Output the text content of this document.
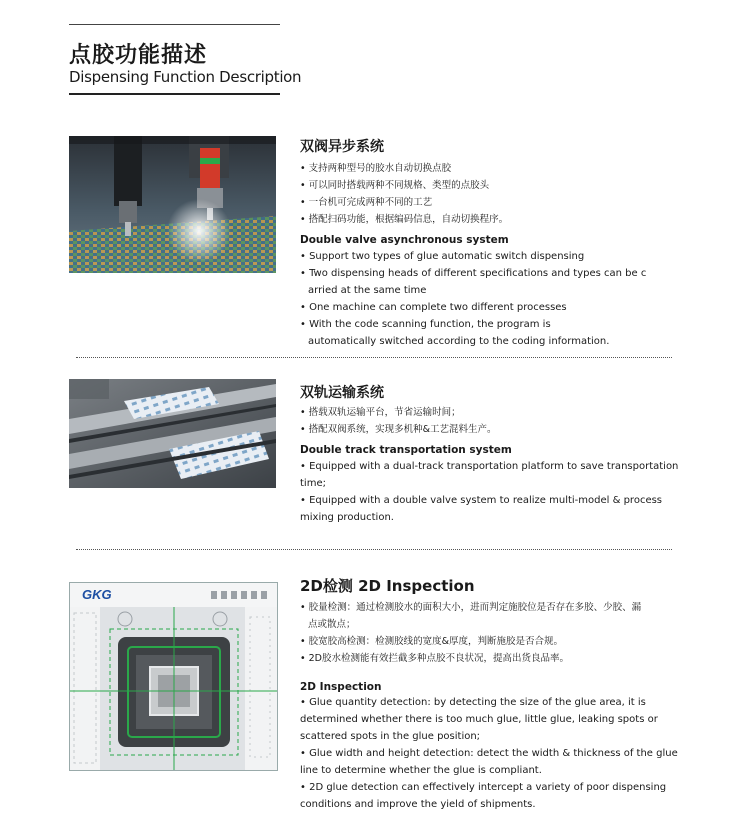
点胶功能描述
Dispensing Function Description
双阀异步系统
• 支持两种型号的胶水自动切换点胶
• 可以同时搭载两种不同规格、类型的点胶头
• 一台机可完成两种不同的工艺
• 搭配扫码功能，根据编码信息，自动切换程序。
Double valve asynchronous system
• Support two types of glue automatic switch dispensing
• Two dispensing heads of different specifications and types can be c
arried at the same time
• One machine can complete two different processes
• With the code scanning function, the program is
automatically switched according to the coding information.
双轨运输系统
• 搭载双轨运输平台，节省运输时间；
• 搭配双阀系统，实现多机种&工艺混料生产。
Double track transportation system
• Equipped with a dual-track transportation platform to save transportation
time;
• Equipped with a double valve system to realize multi-model & process
mixing production.
GKG	2D检测 2D Inspection
• 胶量检测：通过检测胶水的面积大小，进而判定施胶位是否存在多胶、少胶、漏
点或散点；
• 胶宽胶高检测：检测胶线的宽度&厚度，判断施胶是否合规。
• 2D胶水检测能有效拦截多种点胶不良状况，提高出货良品率。
2D Inspection
• Glue quantity detection: by detecting the size of the glue area, it is
determined whether there is too much glue, little glue, leaking spots or
scattered spots in the glue position;
• Glue width and height detection: detect the width & thickness of the glue
line to determine whether the glue is compliant.
• 2D glue detection can effectively intercept a variety of poor dispensing
conditions and improve the yield of shipments.
